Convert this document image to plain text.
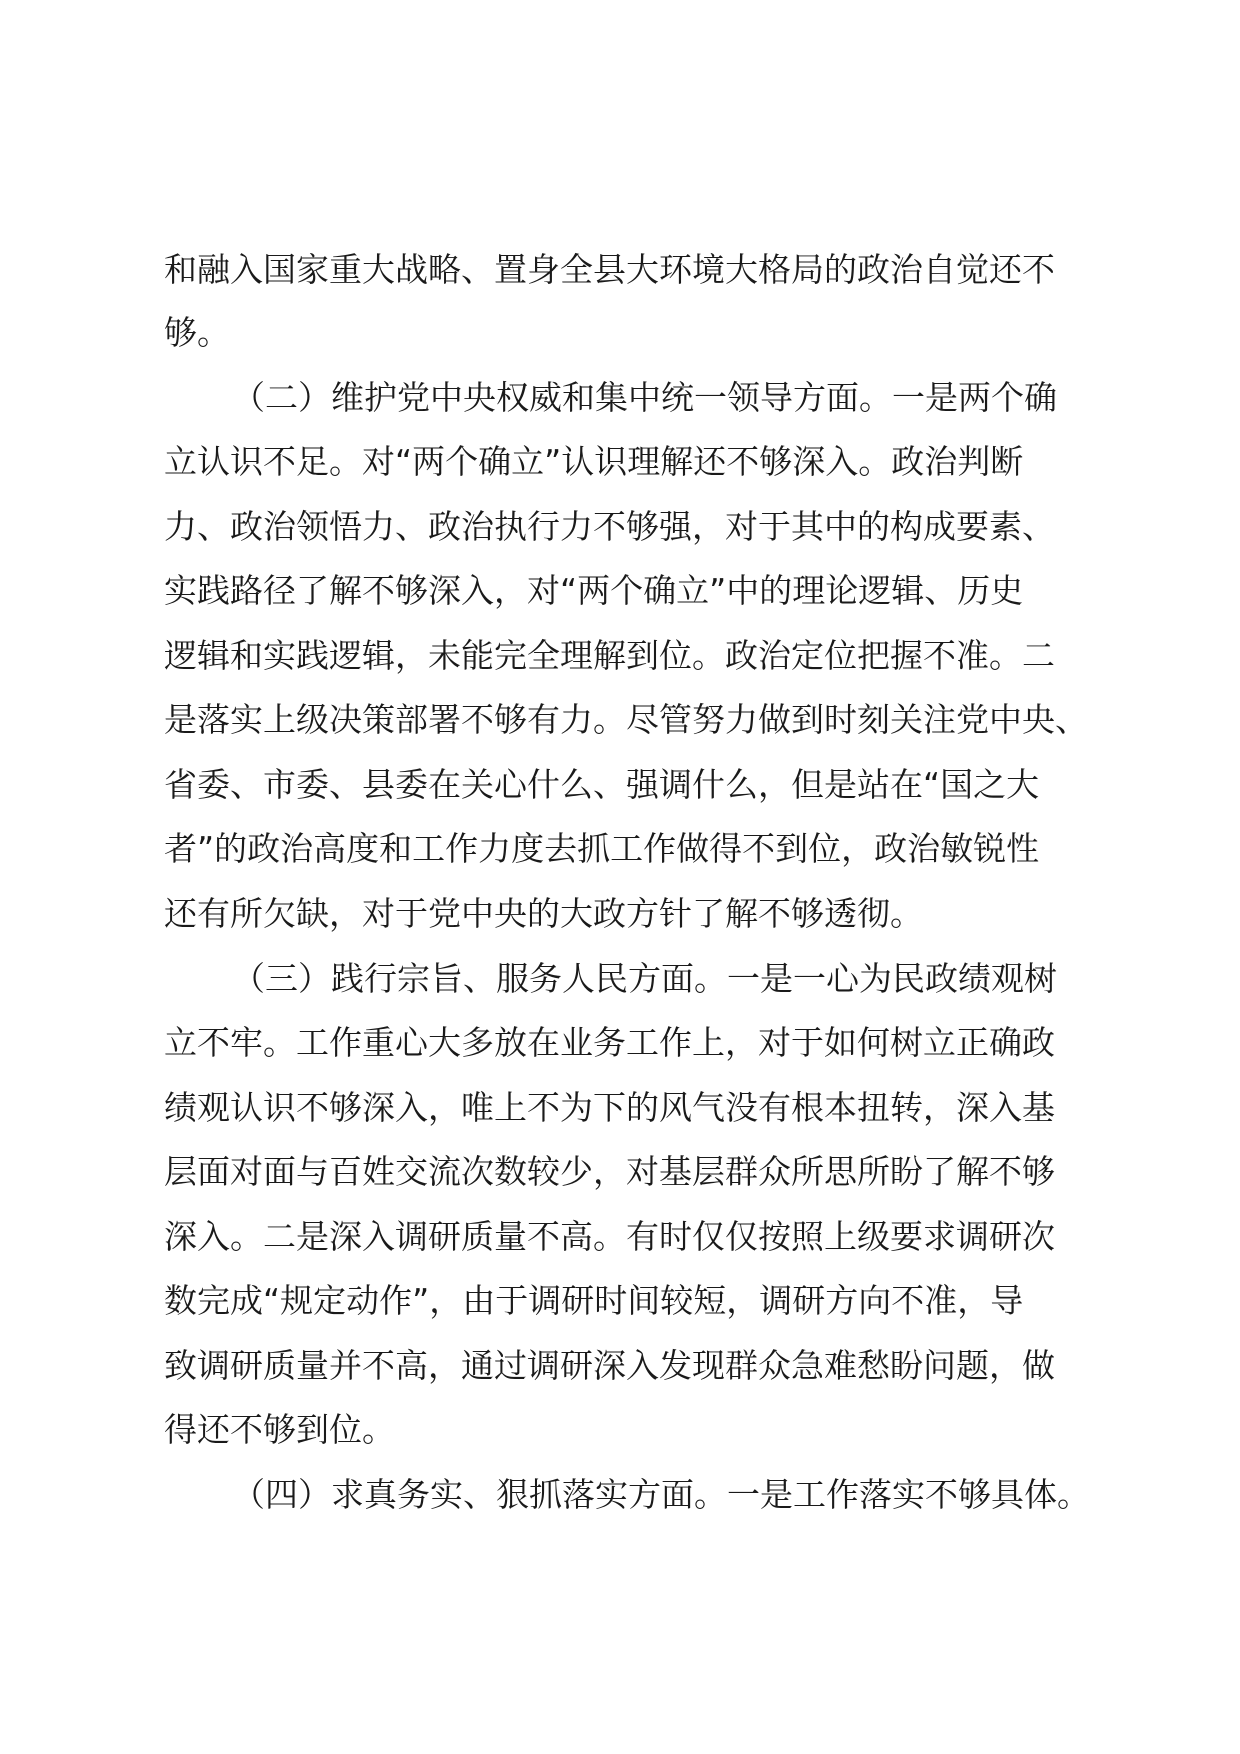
和融入国家重大战略、置身全县大环境大格局的政治自觉还不
够。
（二）维护党中央权威和集中统一领导方面。一是两个确
立认识不足。对“两个确立”认识理解还不够深入。政治判断
力、政治领悟力、政治执行力不够强，对于其中的构成要素、
实践路径了解不够深入，对“两个确立”中的理论逻辑、历史
逻辑和实践逻辑，未能完全理解到位。政治定位把握不准。二
是落实上级决策部署不够有力。尽管努力做到时刻关注党中央、
省委、市委、县委在关心什么、强调什么，但是站在“国之大
者”的政治高度和工作力度去抓工作做得不到位，政治敏锐性
还有所欠缺，对于党中央的大政方针了解不够透彻。
（三）践行宗旨、服务人民方面。一是一心为民政绩观树
立不牢。工作重心大多放在业务工作上，对于如何树立正确政
绩观认识不够深入，唯上不为下的风气没有根本扭转，深入基
层面对面与百姓交流次数较少，对基层群众所思所盼了解不够
深入。二是深入调研质量不高。有时仅仅按照上级要求调研次
数完成“规定动作”，由于调研时间较短，调研方向不准，导
致调研质量并不高，通过调研深入发现群众急难愁盼问题，做
得还不够到位。
（四）求真务实、狠抓落实方面。一是工作落实不够具体。
